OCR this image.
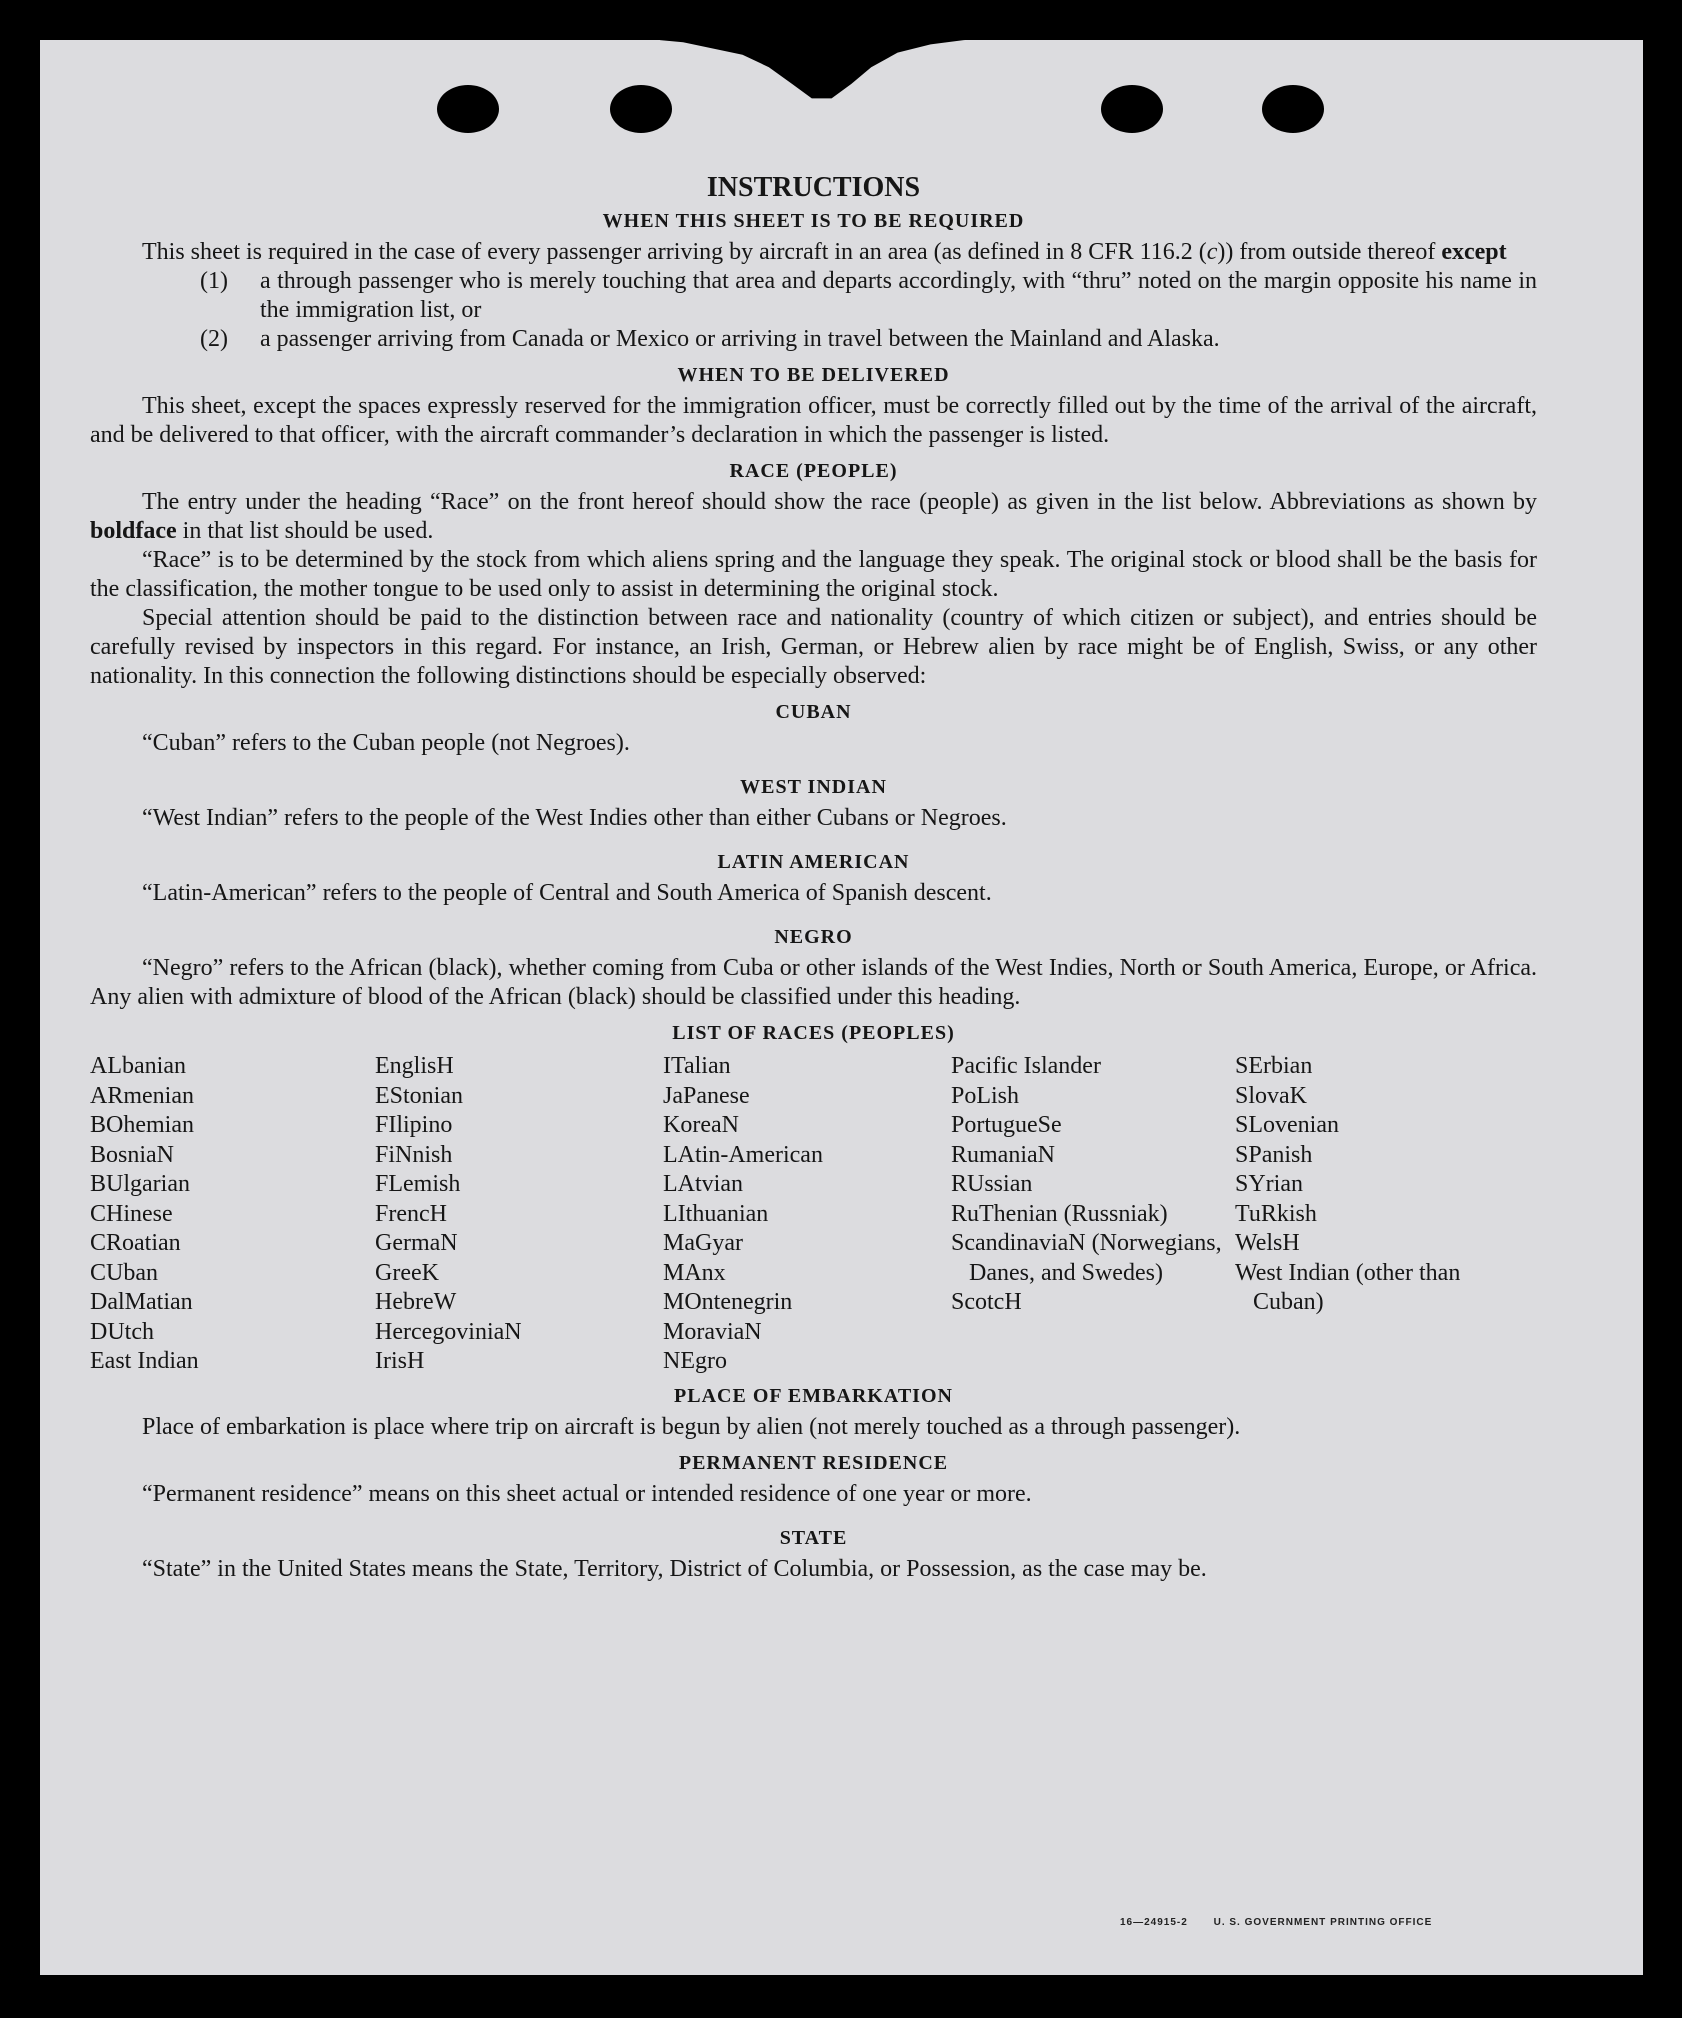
INSTRUCTIONS
WHEN THIS SHEET IS TO BE REQUIRED

This sheet is required in the case of every passenger arriving by aircraft in an area (as defined in 8 CFR 116.2 (c)) from outside thereof except

(1)	a through passenger who is merely touching that area and departs accordingly, with “thru” noted on the margin opposite his name in the immigration list, or
(2)	a passenger arriving from Canada or Mexico or arriving in travel between the Mainland and Alaska.
WHEN TO BE DELIVERED

This sheet, except the spaces expressly reserved for the immigration officer, must be correctly filled out by the time of the arrival of the aircraft, and be delivered to that officer, with the aircraft commander’s declaration in which the passenger is listed.

RACE (PEOPLE)

The entry under the heading “Race” on the front hereof should show the race (people) as given in the list below. Abbreviations as shown by boldface in that list should be used.

“Race” is to be determined by the stock from which aliens spring and the language they speak. The original stock or blood shall be the basis for the classification, the mother tongue to be used only to assist in determining the original stock.

Special attention should be paid to the distinction between race and nationality (country of which citizen or subject), and entries should be carefully revised by inspectors in this regard. For instance, an Irish, German, or Hebrew alien by race might be of English, Swiss, or any other nationality. In this connection the following distinctions should be especially observed:

CUBAN

“Cuban” refers to the Cuban people (not Negroes).

WEST INDIAN

“West Indian” refers to the people of the West Indies other than either Cubans or Negroes.

LATIN AMERICAN

“Latin-American” refers to the people of Central and South America of Spanish descent.

NEGRO

“Negro” refers to the African (black), whether coming from Cuba or other islands of the West Indies, North or South America, Europe, or Africa. Any alien with admixture of blood of the African (black) should be classified under this heading.

LIST OF RACES (PEOPLES)
ALbanian
ARmenian
BOhemian
BosniaN
BUlgarian
CHinese
CRoatian
CUban
DalMatian
DUtch
East Indian
EnglisH
EStonian
FIlipino
FiNnish
FLemish
FrencH
GermaN
GreeK
HebreW
HercegoviniaN
IrisH
ITalian
JaPanese
KoreaN
LAtin-American
LAtvian
LIthuanian
MaGyar
MAnx
MOntenegrin
MoraviaN
NEgro
Pacific Islander
PoLish
PortugueSe
RumaniaN
RUssian
RuThenian (Russniak)
ScandinaviaN (Norwegians, Danes, and Swedes)
ScotcH
SErbian
SlovaK
SLovenian
SPanish
SYrian
TuRkish
WelsH
West Indian (other than Cuban)
PLACE OF EMBARKATION

Place of embarkation is place where trip on aircraft is begun by alien (not merely touched as a through passenger).

PERMANENT RESIDENCE

“Permanent residence” means on this sheet actual or intended residence of one year or more.

STATE

“State” in the United States means the State, Territory, District of Columbia, or Possession, as the case may be.

16—24915-2	U. S. GOVERNMENT PRINTING OFFICE
